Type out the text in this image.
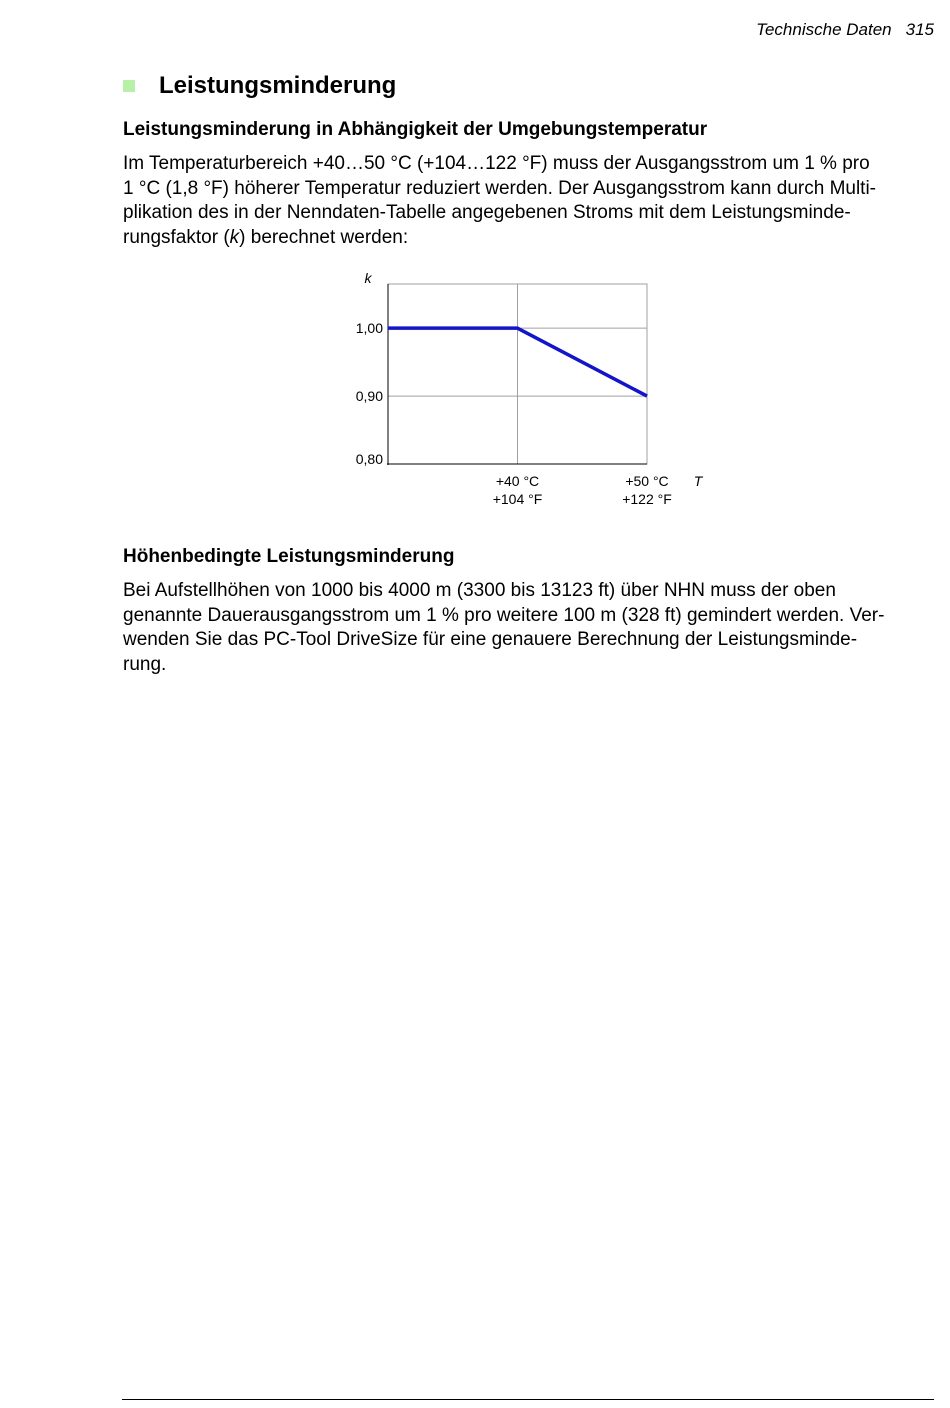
Technische Daten 315
Leistungsminderung
Leistungsminderung in Abhängigkeit der Umgebungstemperatur

Im Temperaturbereich +40…50 °C (+104…122 °F) muss der Ausgangsstrom um 1 % pro
1 °C (1,8 °F) höherer Temperatur reduziert werden. Der Ausgangsstrom kann durch Multi-
plikation des in der Nenndaten-Tabelle angegebenen Stroms mit dem Leistungsminde-
rungsfaktor (k) berechnet werden:

k
1,00
0,90
0,80
+40 °C
+104 °F
+50 °C
+122 °F
T
Höhenbedingte Leistungsminderung

Bei Aufstellhöhen von 1000 bis 4000 m (3300 bis 13123 ft) über NHN muss der oben
genannte Dauerausgangsstrom um 1 % pro weitere 100 m (328 ft) gemindert werden. Ver-
wenden Sie das PC-Tool DriveSize für eine genauere Berechnung der Leistungsminde-
rung.
